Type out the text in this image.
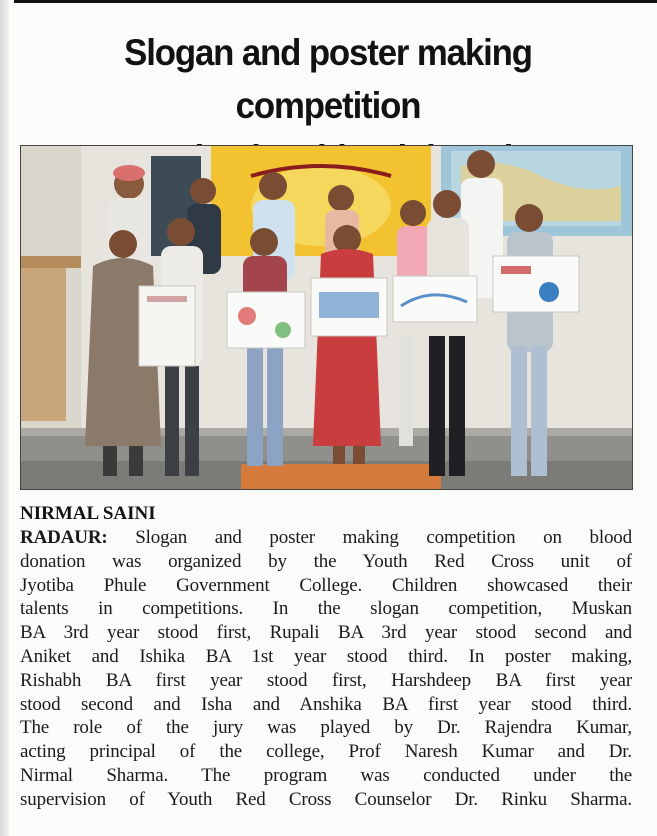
Slogan and poster making competition

NIRMAL SAINI

RADAUR: Slogan and poster making competition on blood
donation was organized by the Youth Red Cross unit of
Jyotiba Phule Government College. Children showcased their
talents in competitions. In the slogan competition, Muskan
BA 3rd year stood first, Rupali BA 3rd year stood second and
Aniket and Ishika BA 1st year stood third. In poster making,
Rishabh BA first year stood first, Harshdeep BA first year
stood second and Isha and Anshika BA first year stood third.
The role of the jury was played by Dr. Rajendra Kumar,
acting principal of the college, Prof Naresh Kumar and Dr.
Nirmal Sharma. The program was conducted under the
supervision of Youth Red Cross Counselor Dr. Rinku Sharma.
